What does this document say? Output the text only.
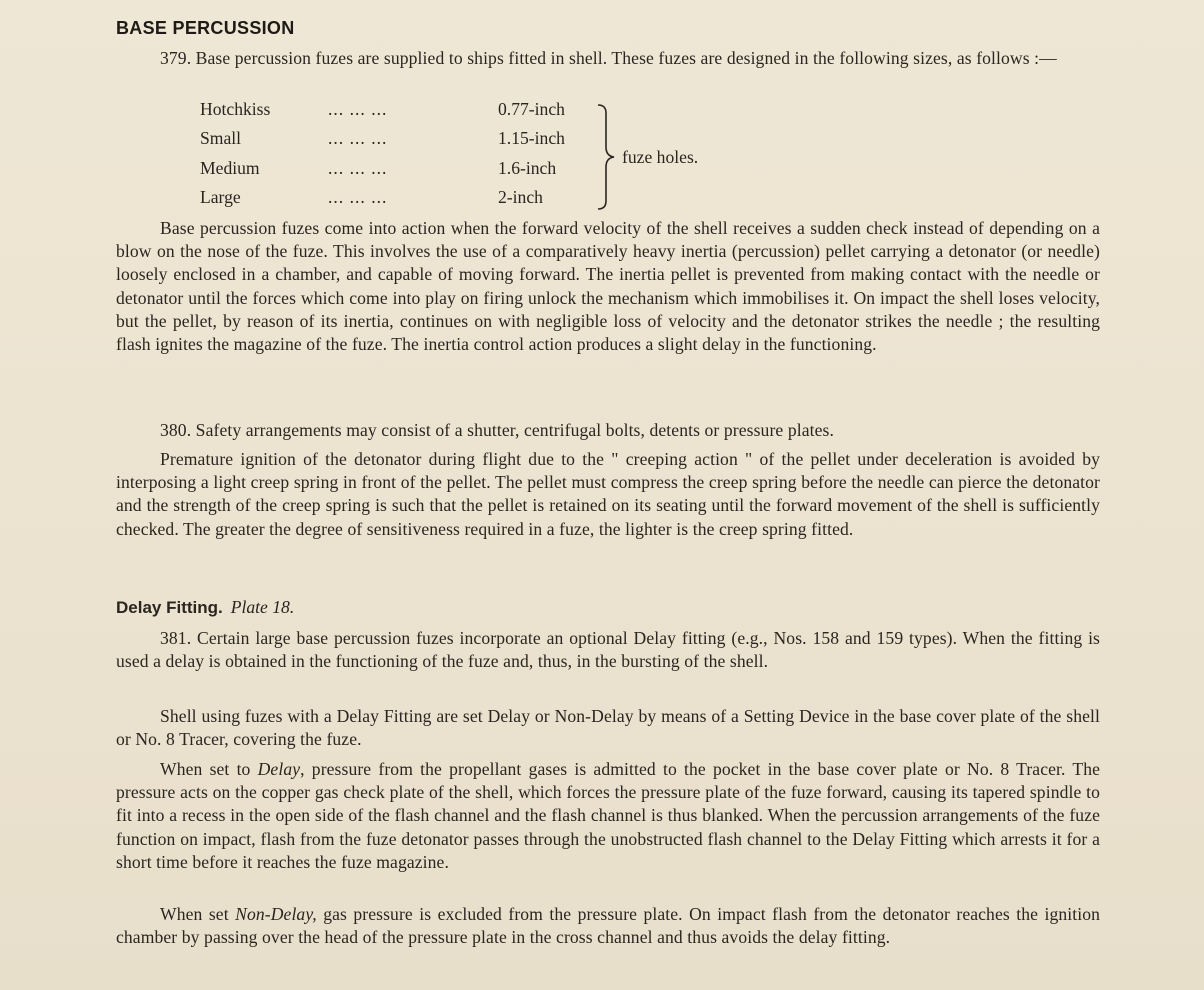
BASE PERCUSSION

379. Base percussion fuzes are supplied to ships fitted in shell. These fuzes are designed in the following sizes, as follows :—

Hotchkiss	... ... ...	0.77-inch
Small	... ... ...	1.15-inch
Medium	... ... ...	1.6-inch
Large	... ... ...	2-inch
fuze holes.

Base percussion fuzes come into action when the forward velocity of the shell receives a sudden check instead of depending on a blow on the nose of the fuze. This involves the use of a comparatively heavy inertia (percussion) pellet carrying a detonator (or needle) loosely enclosed in a chamber, and capable of moving forward. The inertia pellet is prevented from making contact with the needle or detonator until the forces which come into play on firing unlock the mechanism which immobilises it. On impact the shell loses velocity, but the pellet, by reason of its inertia, continues on with negligible loss of velocity and the detonator strikes the needle ; the resulting flash ignites the magazine of the fuze. The inertia control action produces a slight delay in the functioning.

380. Safety arrangements may consist of a shutter, centrifugal bolts, detents or pressure plates.

Premature ignition of the detonator during flight due to the " creeping action " of the pellet under deceleration is avoided by interposing a light creep spring in front of the pellet. The pellet must compress the creep spring before the needle can pierce the detonator and the strength of the creep spring is such that the pellet is retained on its seating until the forward movement of the shell is sufficiently checked. The greater the degree of sensitiveness required in a fuze, the lighter is the creep spring fitted.

Delay Fitting. Plate 18.

381. Certain large base percussion fuzes incorporate an optional Delay fitting (e.g., Nos. 158 and 159 types). When the fitting is used a delay is obtained in the functioning of the fuze and, thus, in the bursting of the shell.

Shell using fuzes with a Delay Fitting are set Delay or Non-Delay by means of a Setting Device in the base cover plate of the shell or No. 8 Tracer, covering the fuze.

When set to Delay, pressure from the propellant gases is admitted to the pocket in the base cover plate or No. 8 Tracer. The pressure acts on the copper gas check plate of the shell, which forces the pressure plate of the fuze forward, causing its tapered spindle to fit into a recess in the open side of the flash channel and the flash channel is thus blanked. When the percussion arrangements of the fuze function on impact, flash from the fuze detonator passes through the unobstructed flash channel to the Delay Fitting which arrests it for a short time before it reaches the fuze magazine.

When set Non-Delay, gas pressure is excluded from the pressure plate. On impact flash from the detonator reaches the ignition chamber by passing over the head of the pressure plate in the cross channel and thus avoids the delay fitting.
